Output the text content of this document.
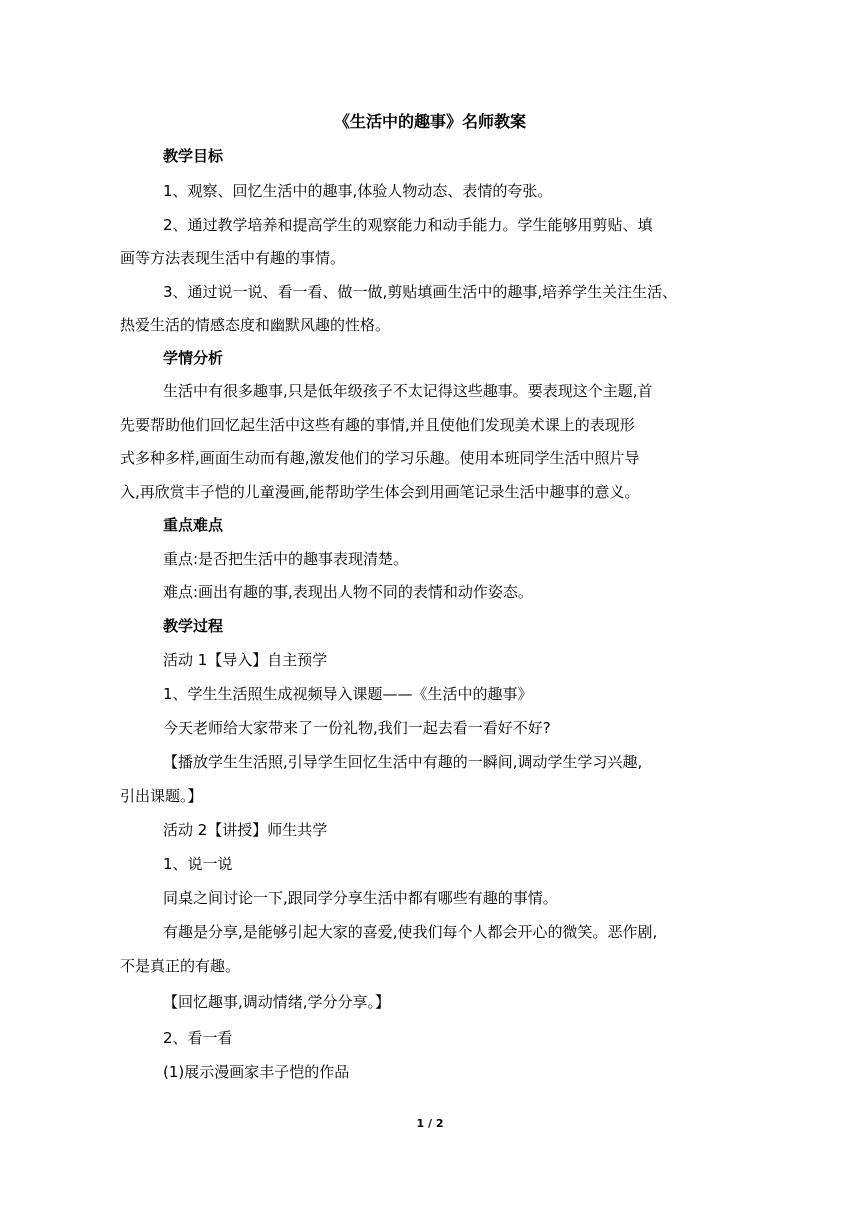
《生活中的趣事》名师教案
教学目标
1、观察、回忆生活中的趣事,体验人物动态、表情的夸张。
2、通过教学培养和提高学生的观察能力和动手能力。学生能够用剪贴、填
画等方法表现生活中有趣的事情。
3、通过说一说、看一看、做一做,剪贴填画生活中的趣事,培养学生关注生活、
热爱生活的情感态度和幽默风趣的性格。
学情分析
生活中有很多趣事,只是低年级孩子不太记得这些趣事。要表现这个主题,首
先要帮助他们回忆起生活中这些有趣的事情,并且使他们发现美术课上的表现形
式多种多样,画面生动而有趣,激发他们的学习乐趣。使用本班同学生活中照片导
入,再欣赏丰子恺的儿童漫画,能帮助学生体会到用画笔记录生活中趣事的意义。
重点难点
重点:是否把生活中的趣事表现清楚。
难点:画出有趣的事,表现出人物不同的表情和动作姿态。
教学过程
活动 1【导入】自主预学
1、学生生活照生成视频导入课题——《生活中的趣事》
今天老师给大家带来了一份礼物,我们一起去看一看好不好?
【播放学生生活照,引导学生回忆生活中有趣的一瞬间,调动学生学习兴趣,
引出课题。】
活动 2【讲授】师生共学
1、说一说
同桌之间讨论一下,跟同学分享生活中都有哪些有趣的事情。
有趣是分享,是能够引起大家的喜爱,使我们每个人都会开心的微笑。恶作剧,
不是真正的有趣。
【回忆趣事,调动情绪,学分分享。】
2、看一看
(1)展示漫画家丰子恺的作品
1 / 2
